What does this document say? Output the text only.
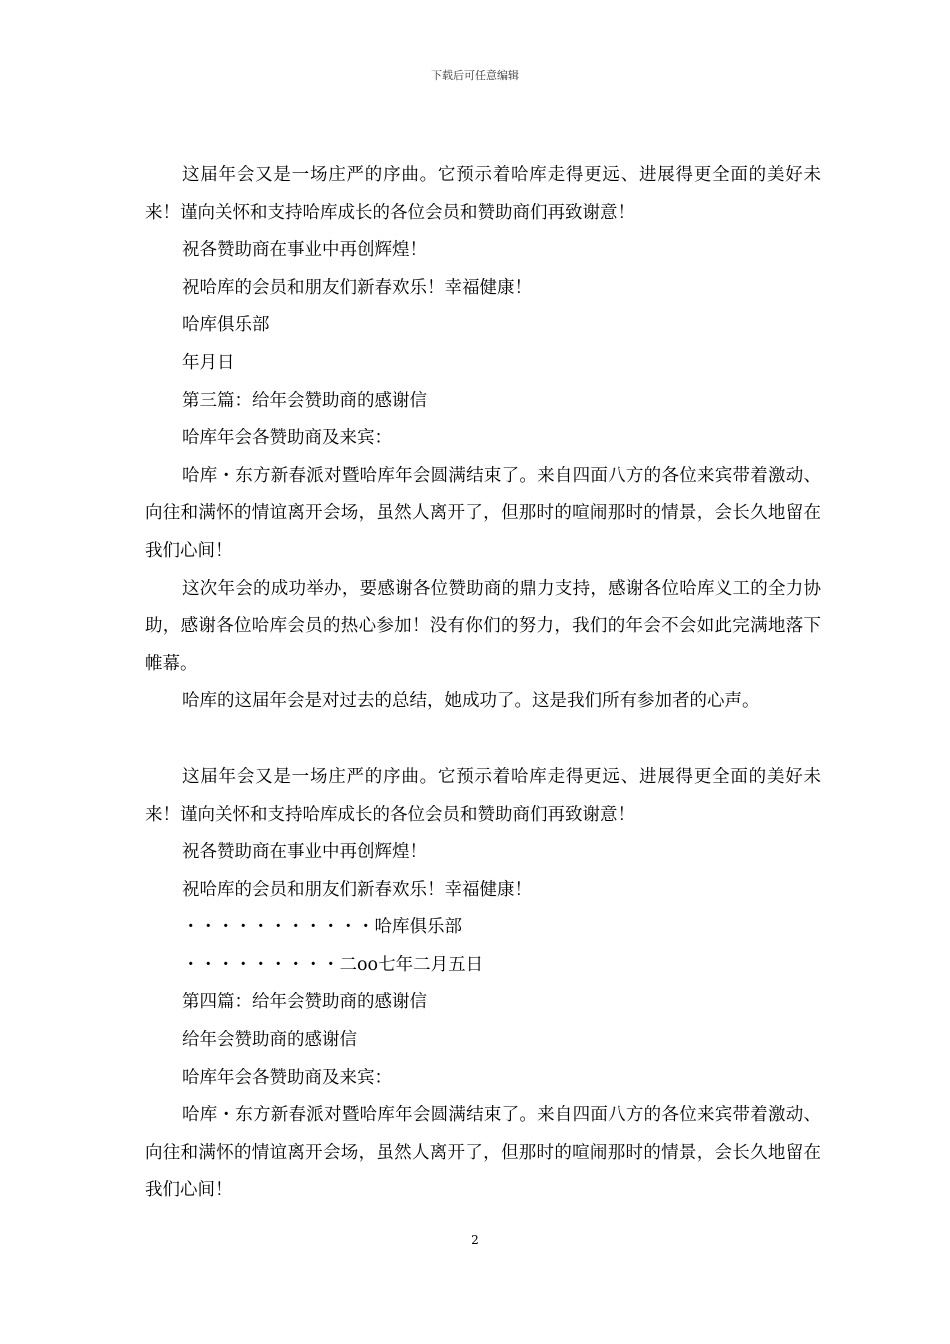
下载后可任意编辑

这届年会又是一场庄严的序曲。它预示着哈库走得更远、进展得更全面的美好未来！谨向关怀和支持哈库成长的各位会员和赞助商们再致谢意！

祝各赞助商在事业中再创辉煌！

祝哈库的会员和朋友们新春欢乐！幸福健康！

哈库俱乐部

年月日

第三篇：给年会赞助商的感谢信

哈库年会各赞助商及来宾：

哈库・东方新春派对暨哈库年会圆满结束了。来自四面八方的各位来宾带着激动、向往和满怀的情谊离开会场，虽然人离开了，但那时的喧闹那时的情景，会长久地留在我们心间！

这次年会的成功举办，要感谢各位赞助商的鼎力支持，感谢各位哈库义工的全力协助，感谢各位哈库会员的热心参加！没有你们的努力，我们的年会不会如此完满地落下帷幕。

哈库的这届年会是对过去的总结，她成功了。这是我们所有参加者的心声。

这届年会又是一场庄严的序曲。它预示着哈库走得更远、进展得更全面的美好未来！谨向关怀和支持哈库成长的各位会员和赞助商们再致谢意！

祝各赞助商在事业中再创辉煌！

祝哈库的会员和朋友们新春欢乐！幸福健康！

・・・・・・・・・・・哈库俱乐部

・・・・・・・・・二oo七年二月五日

第四篇：给年会赞助商的感谢信

给年会赞助商的感谢信

哈库年会各赞助商及来宾：

哈库・东方新春派对暨哈库年会圆满结束了。来自四面八方的各位来宾带着激动、向往和满怀的情谊离开会场，虽然人离开了，但那时的喧闹那时的情景，会长久地留在我们心间！

2
